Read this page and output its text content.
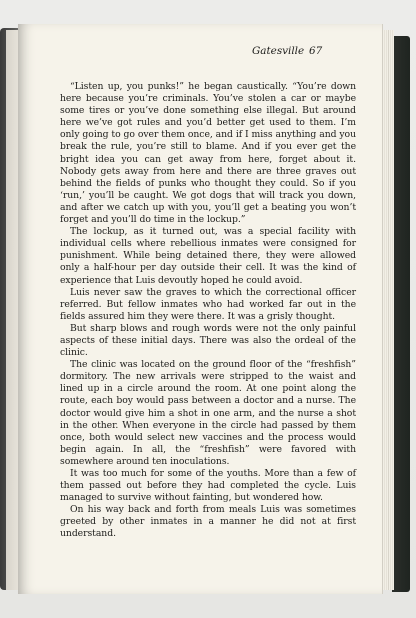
Gatesville 67

“Listen up, you punks!” he began caustically. “You’re down here because you’re criminals. You’ve stolen a car or maybe some tires or you’ve done something else illegal. But around here we’ve got rules and you’d better get used to them. I’m only going to go over them once, and if I miss anything and you break the rule, you’re still to blame. And if you ever get the bright idea you can get away from here, forget about it. Nobody gets away from here and there are three graves out behind the fields of punks who thought they could. So if you ‘run,’ you’ll be caught. We got dogs that will track you down, and after we catch up with you, you’ll get a beating you won’t forget and you’ll do time in the lockup.”

The lockup, as it turned out, was a special facility with individual cells where rebellious inmates were consigned for punishment. While being detained there, they were allowed only a half-hour per day outside their cell. It was the kind of experience that Luis devoutly hoped he could avoid.

Luis never saw the graves to which the correctional officer referred. But fellow inmates who had worked far out in the fields assured him they were there. It was a grisly thought.

But sharp blows and rough words were not the only painful aspects of these initial days. There was also the ordeal of the clinic.

The clinic was located on the ground floor of the “freshfish” dormitory. The new arrivals were stripped to the waist and lined up in a circle around the room. At one point along the route, each boy would pass between a doctor and a nurse. The doctor would give him a shot in one arm, and the nurse a shot in the other. When everyone in the circle had passed by them once, both would select new vaccines and the process would begin again. In all, the “freshfish” were favored with somewhere around ten inoculations.

It was too much for some of the youths. More than a few of them passed out before they had completed the cycle. Luis managed to survive without fainting, but wondered how.

On his way back and forth from meals Luis was sometimes greeted by other inmates in a manner he did not at first understand.
